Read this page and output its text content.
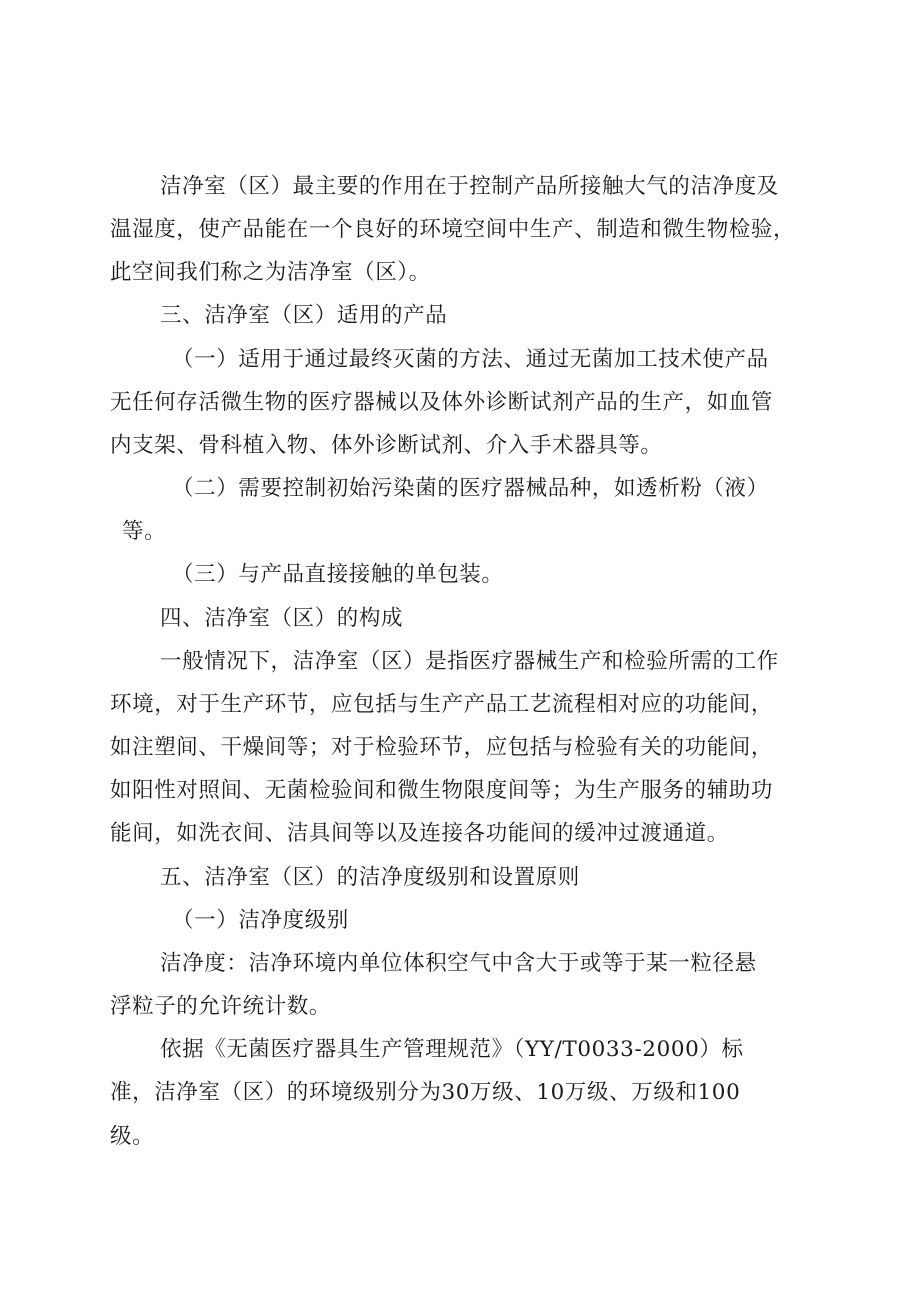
洁净室（区）最主要的作用在于控制产品所接触大气的洁净度及
温湿度，使产品能在一个良好的环境空间中生产、制造和微生物检验，
此空间我们称之为洁净室（区）。
三、洁净室（区）适用的产品
（一）适用于通过最终灭菌的方法、通过无菌加工技术使产品
无任何存活微生物的医疗器械以及体外诊断试剂产品的生产，如血管
内支架、骨科植入物、体外诊断试剂、介入手术器具等。
（二）需要控制初始污染菌的医疗器械品种，如透析粉（液）
等。
（三）与产品直接接触的单包装。
四、洁净室（区）的构成
一般情况下，洁净室（区）是指医疗器械生产和检验所需的工作
环境，对于生产环节，应包括与生产产品工艺流程相对应的功能间，
如注塑间、干燥间等；对于检验环节，应包括与检验有关的功能间，
如阳性对照间、无菌检验间和微生物限度间等；为生产服务的辅助功
能间，如洗衣间、洁具间等以及连接各功能间的缓冲过渡通道。
五、洁净室（区）的洁净度级别和设置原则
（一）洁净度级别
洁净度：洁净环境内单位体积空气中含大于或等于某一粒径悬
浮粒子的允许统计数。
依据《无菌医疗器具生产管理规范》（YY/T0033-2000）标
准，洁净室（区）的环境级别分为30万级、10万级、万级和100
级。
